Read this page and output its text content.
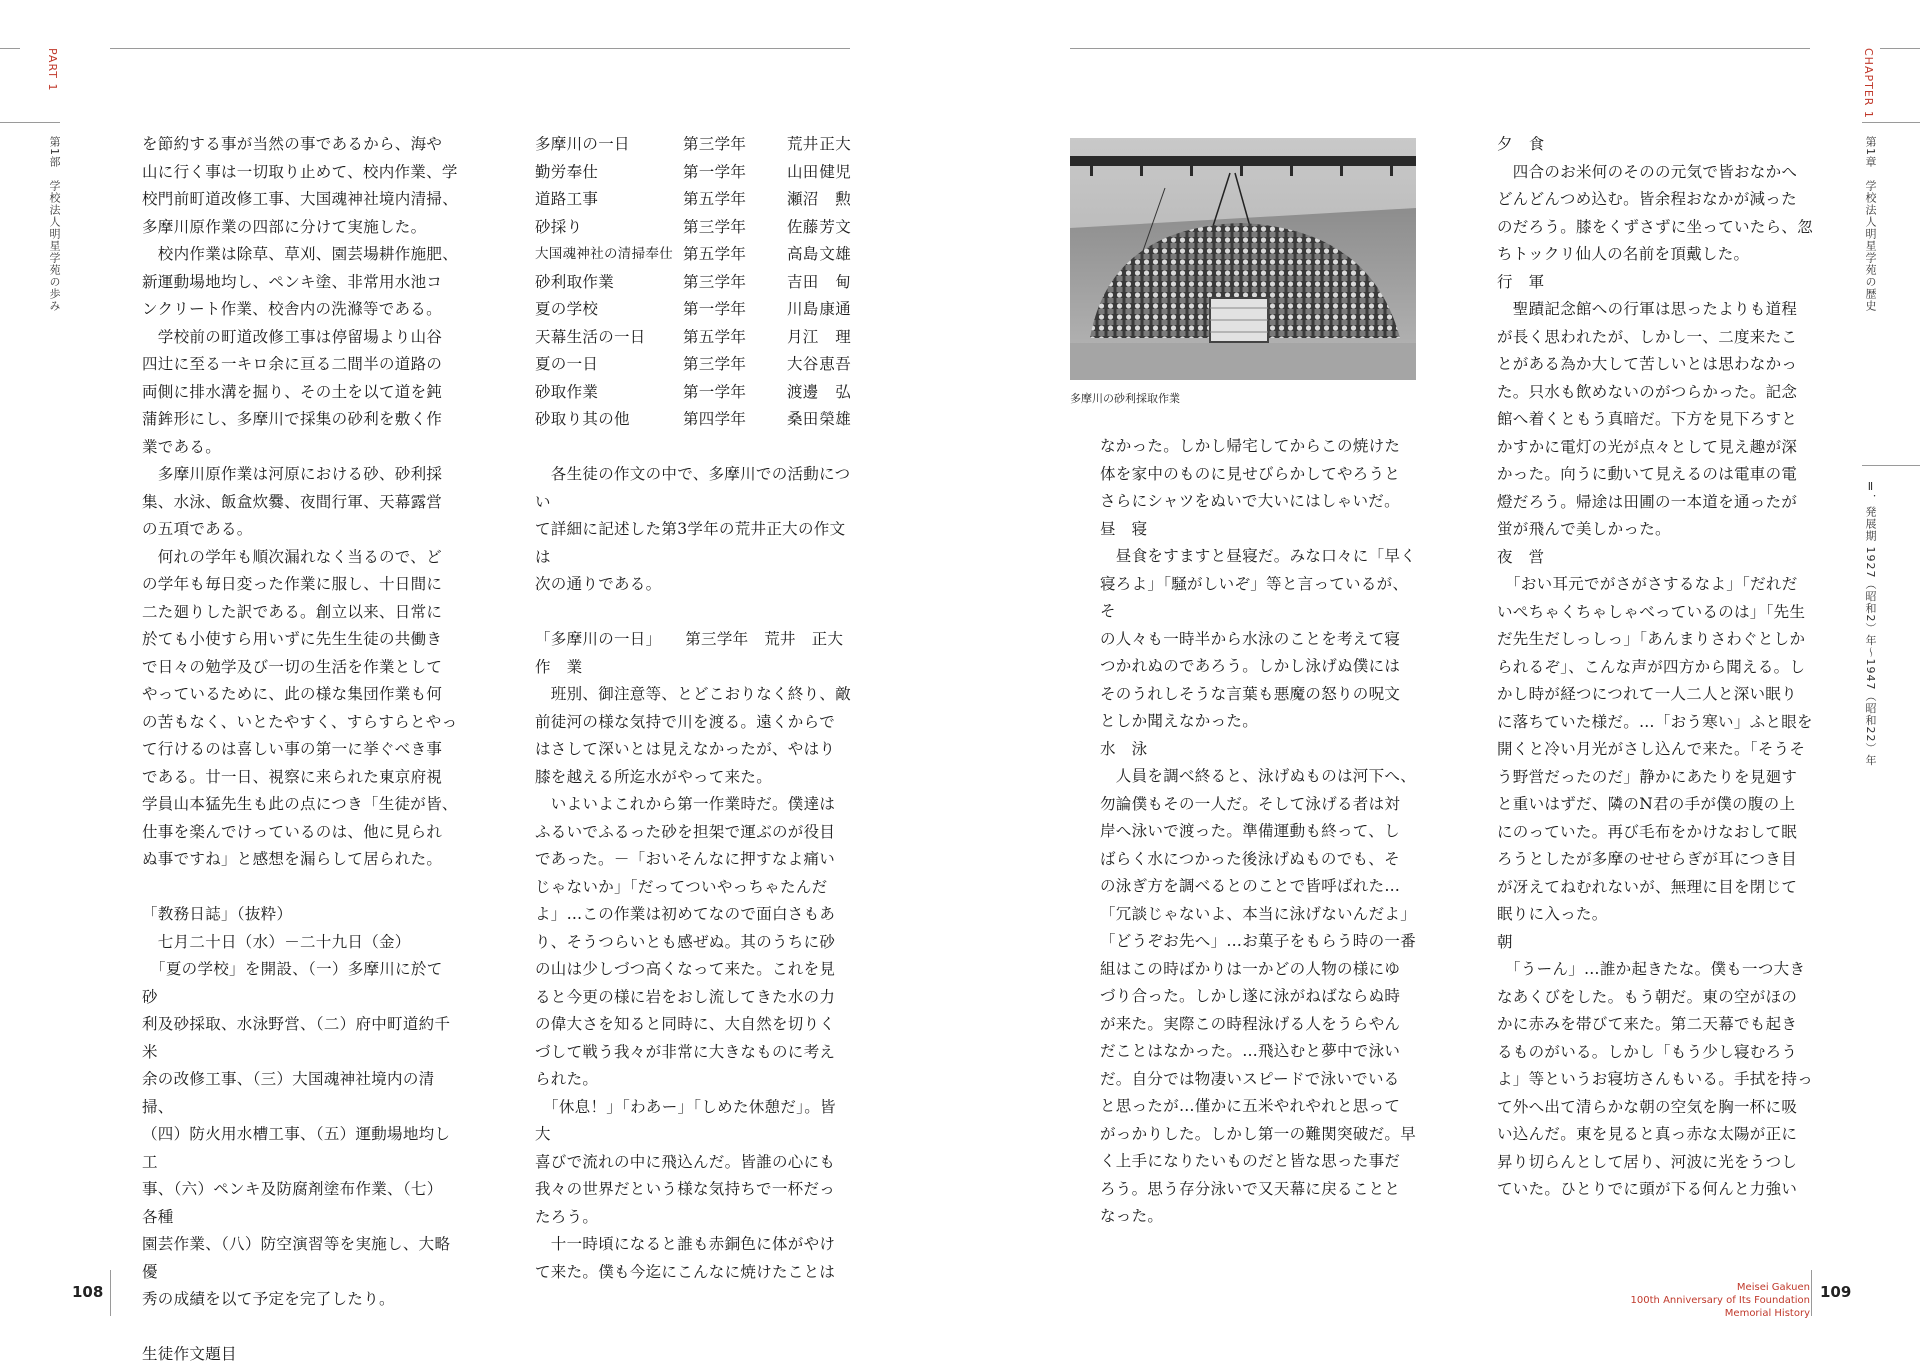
PART 1
第1部　学校法人明星学苑の歩み
CHAPTER 1
第1章　学校法人明星学苑の歴史
Ⅱ．発展期 1927（昭和2）年～1947（昭和22）年

を節約する事が当然の事であるから、海や

山に行く事は一切取り止めて、校内作業、学

校門前町道改修工事、大国魂神社境内清掃、

多摩川原作業の四部に分けて実施した。

　校内作業は除草、草刈、園芸場耕作施肥、

新運動場地均し、ペンキ塗、非常用水池コ

ンクリート作業、校舎内の洗滌等である。

　学校前の町道改修工事は停留場より山谷

四辻に至る一キロ余に亘る二間半の道路の

両側に排水溝を掘り、その土を以て道を鈍

蒲鉾形にし、多摩川で採集の砂利を敷く作

業である。

　多摩川原作業は河原における砂、砂利採

集、水泳、飯盒炊爨、夜間行軍、天幕露営

の五項である。

　何れの学年も順次漏れなく当るので、ど

の学年も毎日変った作業に服し、十日間に

二た廻りした訳である。創立以来、日常に

於ても小使すら用いずに先生生徒の共働き

で日々の勉学及び一切の生活を作業として

やっているために、此の様な集団作業も何

の苦もなく、いとたやすく、すらすらとやっ

て行けるのは喜しい事の第一に挙ぐべき事

である。廿一日、視察に来られた東京府視

学員山本猛先生も此の点につき「生徒が皆、

仕事を楽んでけっているのは、他に見られ

ぬ事ですね」と感想を漏らして居られた。

「教務日誌」（抜粋）

　七月二十日（水）－二十九日（金）

　「夏の学校」を開設、（一）多摩川に於て砂

利及砂採取、水泳野営、（二）府中町道約千米

余の改修工事、（三）大国魂神社境内の清掃、

（四）防火用水槽工事、（五）運動場地均し工

事、（六）ペンキ及防腐剤塗布作業、（七）各種

園芸作業、（八）防空演習等を実施し、大略優

秀の成績を以て予定を完了したり。

生徒作文題目

多摩川の一日	第三学年	荒井 正大
勤労奉仕	第一学年	山田 健児
道路工事	第五学年	瀬沼 勲
砂採り	第三学年	佐藤 芳文
大国魂神社の清掃奉仕 第五学年	高島 文雄
砂利取作業	第三学年	吉田 甸
夏の学校	第一学年	川島 康通
天幕生活の一日	第五学年	月江 理
夏の一日	第三学年	大谷 恵吾
砂取作業	第一学年	渡邊 弘
砂取り其の他	第四学年	桑田 榮雄

　各生徒の作文の中で、多摩川での活動につい

て詳細に記述した第3学年の荒井正大の作文は

次の通りである。

「多摩川の一日」　　第三学年　荒井　正大

作　業

　班別、御注意等、とどこおりなく終り、敵

前徒河の様な気持で川を渡る。遠くからで

はさして深いとは見えなかったが、やはり

膝を越える所迄水がやって来た。

　いよいよこれから第一作業時だ。僕達は

ふるいでふるった砂を担架で運ぶのが役目

であった。－「おいそんなに押すなよ痛い

じゃないか」「だってついやっちゃたんだ

よ」…この作業は初めてなので面白さもあ

り、そうつらいとも感ぜぬ。其のうちに砂

の山は少しづつ高くなって来た。これを見

ると今更の様に岩をおし流してきた水の力

の偉大さを知ると同時に、大自然を切りく

づして戦う我々が非常に大きなものに考え

られた。

　「休息！」「わあー」「しめた休憩だ」。皆大

喜びで流れの中に飛込んだ。皆誰の心にも

我々の世界だという様な気持ちで一杯だっ

たろう。

　十一時頃になると誰も赤銅色に体がやけ

て来た。僕も今迄にこんなに焼けたことは

多摩川の砂利採取作業

なかった。しかし帰宅してからこの焼けた

体を家中のものに見せびらかしてやろうと

さらにシャツをぬいで大いにはしゃいだ。

昼　寝

　昼食をすますと昼寝だ。みな口々に「早く

寝ろよ」「騒がしいぞ」等と言っているが、そ

の人々も一時半から水泳のことを考えて寝

つかれぬのであろう。しかし泳げぬ僕には

そのうれしそうな言葉も悪魔の怒りの呪文

としか聞えなかった。

水　泳

　人員を調べ終ると、泳げぬものは河下へ、

勿論僕もその一人だ。そして泳げる者は対

岸へ泳いで渡った。準備運動も終って、し

ばらく水につかった後泳げぬものでも、そ

の泳ぎ方を調べるとのことで皆呼ばれた…

「冗談じゃないよ、本当に泳げないんだよ」

「どうぞお先へ」…お菓子をもらう時の一番

組はこの時ばかりは一かどの人物の様にゆ

づり合った。しかし遂に泳がねばならぬ時

が来た。実際この時程泳げる人をうらやん

だことはなかった。…飛込むと夢中で泳い

だ。自分では物凄いスピードで泳いでいる

と思ったが…僅かに五米やれやれと思って

がっかりした。しかし第一の難関突破だ。早

く上手になりたいものだと皆な思った事だ

ろう。思う存分泳いで又天幕に戻ることと

なった。

夕　食

　四合のお米何のそのの元気で皆おなかへ

どんどんつめ込む。皆余程おなかが減った

のだろう。膝をくずさずに坐っていたら、忽

ちトックリ仙人の名前を頂戴した。

行　軍

　聖蹟記念館への行軍は思ったよりも道程

が長く思われたが、しかし一、二度来たこ

とがある為か大して苦しいとは思わなかっ

た。只水も飲めないのがつらかった。記念

館へ着くともう真暗だ。下方を見下ろすと

かすかに電灯の光が点々として見え趣が深

かった。向うに動いて見えるのは電車の電

燈だろう。帰途は田圃の一本道を通ったが

蛍が飛んで美しかった。

夜　営

　「おい耳元でがさがさするなよ」「だれだ

いぺちゃくちゃしゃべっているのは」「先生

だ先生だしっしっ」「あんまりさわぐとしか

られるぞ」、こんな声が四方から聞える。し

かし時が経つにつれて一人二人と深い眠り

に落ちていた様だ。…「おう寒い」ふと眼を

開くと冷い月光がさし込んで来た。「そうそ

う野営だったのだ」静かにあたりを見廻す

と重いはずだ、隣のN君の手が僕の腹の上

にのっていた。再び毛布をかけなおして眠

ろうとしたが多摩のせせらぎが耳につき目

が冴えてねむれないが、無理に目を閉じて

眠りに入った。

朝

　「うーん」…誰か起きたな。僕も一つ大き

なあくびをした。もう朝だ。東の空がほの

かに赤みを帯びて来た。第二天幕でも起き

るものがいる。しかし「もう少し寝むろう

よ」等というお寝坊さんもいる。手拭を持っ

て外へ出て清らかな朝の空気を胸一杯に吸

い込んだ。東を見ると真っ赤な太陽が正に

昇り切らんとして居り、河波に光をうつし

ていた。ひとりでに頭が下る何んと力強い

108	Meisei Gakuen
100th Anniversary of Its Foundation
Memorial History
109
